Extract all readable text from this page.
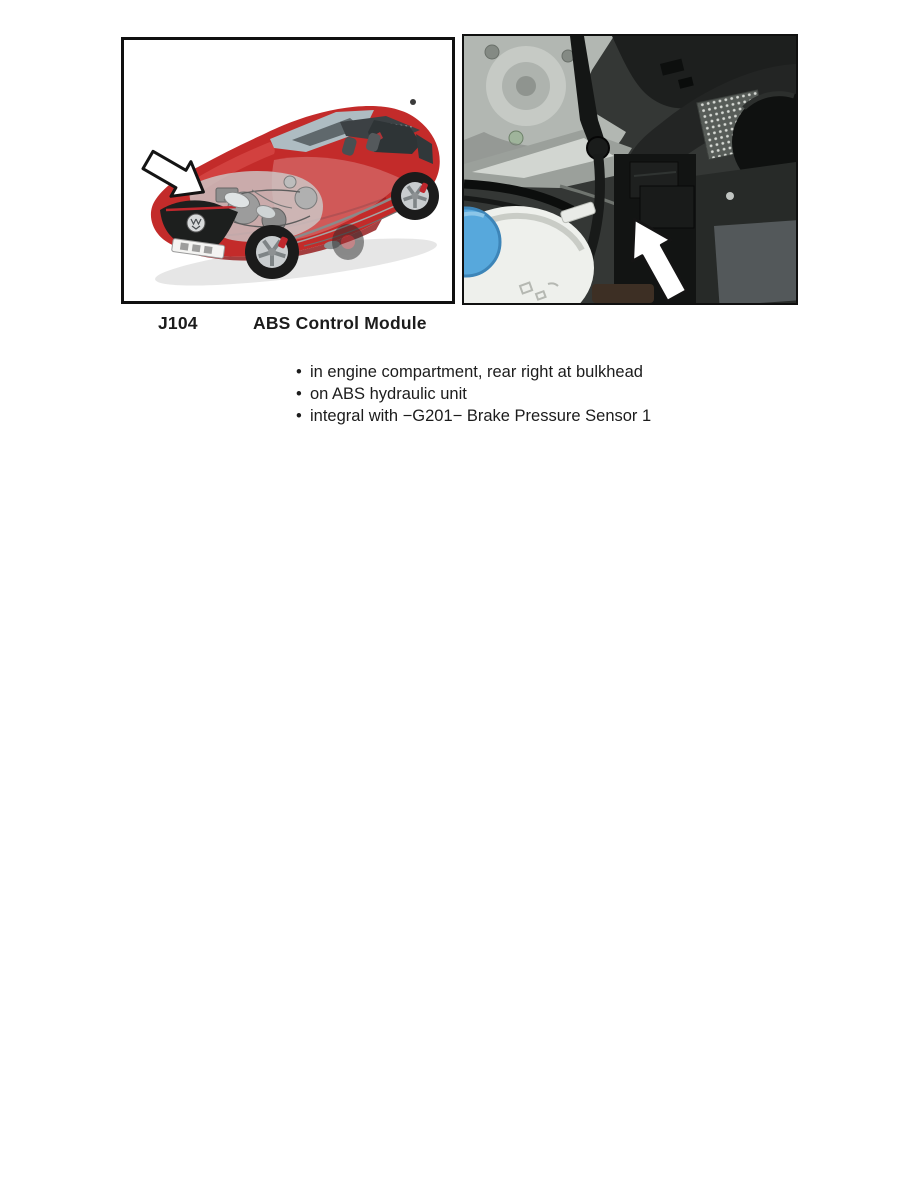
J104	ABS Control Module
• in engine compartment, rear right at bulkhead
• on ABS hydraulic unit
• integral with −G201− Brake Pressure Sensor 1
